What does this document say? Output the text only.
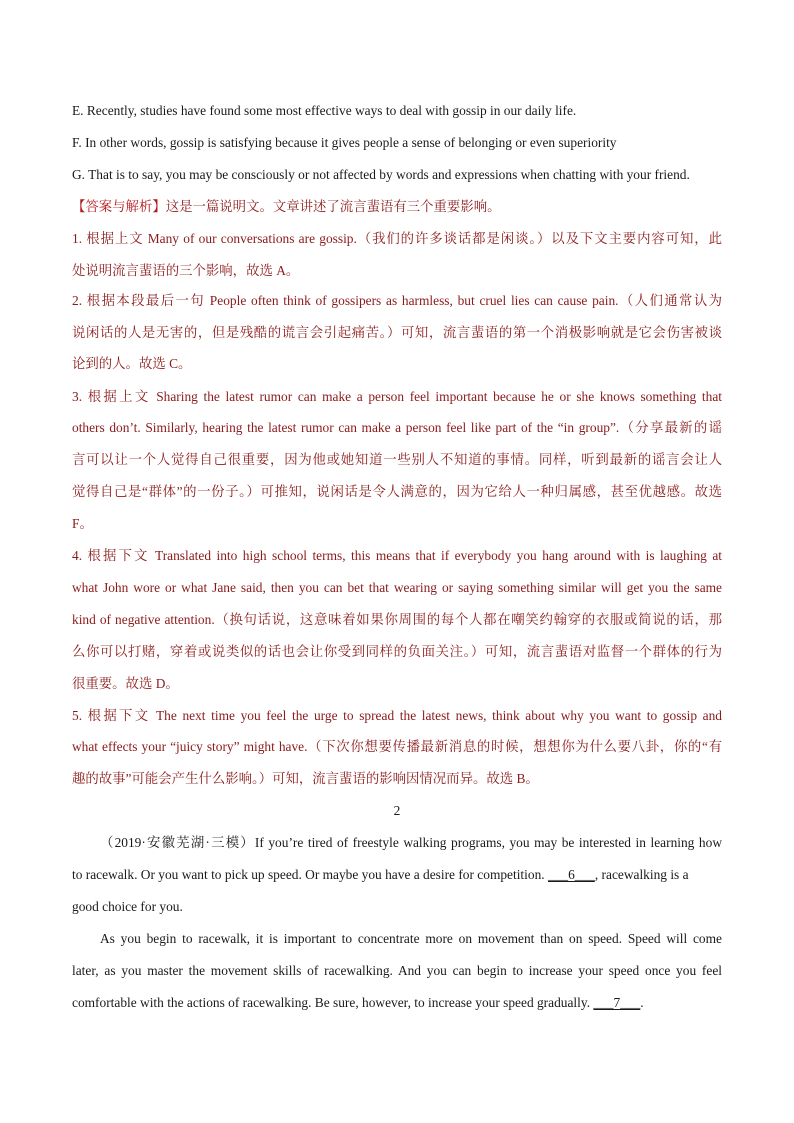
E. Recently, studies have found some most effective ways to deal with gossip in our daily life.
F. In other words, gossip is satisfying because it gives people a sense of belonging or even superiority
G. That is to say, you may be consciously or not affected by words and expressions when chatting with your friend.
【答案与解析】这是一篇说明文。文章讲述了流言蜚语有三个重要影响。
1. 根据上文 Many of our conversations are gossip.（我们的许多谈话都是闲谈。）以及下文主要内容可知，此
处说明流言蜚语的三个影响，故选 A。
2. 根据本段最后一句 People often think of gossipers as harmless, but cruel lies can cause pain.（人们通常认为
说闲话的人是无害的，但是残酷的谎言会引起痛苦。）可知，流言蜚语的第一个消极影响就是它会伤害被谈
论到的人。故选 C。
3. 根据上文 Sharing the latest rumor can make a person feel important because he or she knows something that
others don’t. Similarly, hearing the latest rumor can make a person feel like part of the “in group”.（分享最新的谣
言可以让一个人觉得自己很重要，因为他或她知道一些别人不知道的事情。同样，听到最新的谣言会让人
觉得自己是“群体”的一份子。）可推知，说闲话是令人满意的，因为它给人一种归属感，甚至优越感。故选
F。
4. 根据下文 Translated into high school terms, this means that if everybody you hang around with is laughing at
what John wore or what Jane said, then you can bet that wearing or saying something similar will get you the same
kind of negative attention.（换句话说，这意味着如果你周围的每个人都在嘲笑约翰穿的衣服或简说的话，那
么你可以打赌，穿着或说类似的话也会让你受到同样的负面关注。）可知，流言蜚语对监督一个群体的行为
很重要。故选 D。
5. 根据下文 The next time you feel the urge to spread the latest news, think about why you want to gossip and
what effects your “juicy story” might have.（下次你想要传播最新消息的时候，想想你为什么要八卦，你的“有
趣的故事”可能会产生什么影响。）可知，流言蜚语的影响因情况而异。故选 B。
2
（2019·安徽芜湖·三模）If you’re tired of freestyle walking programs, you may be interested in learning how
to racewalk. Or you want to pick up speed. Or maybe you have a desire for competition. ___6___, racewalking is a
good choice for you.
As you begin to racewalk, it is important to concentrate more on movement than on speed. Speed will come
later, as you master the movement skills of racewalking. And you can begin to increase your speed once you feel
comfortable with the actions of racewalking. Be sure, however, to increase your speed gradually. ___7___.
